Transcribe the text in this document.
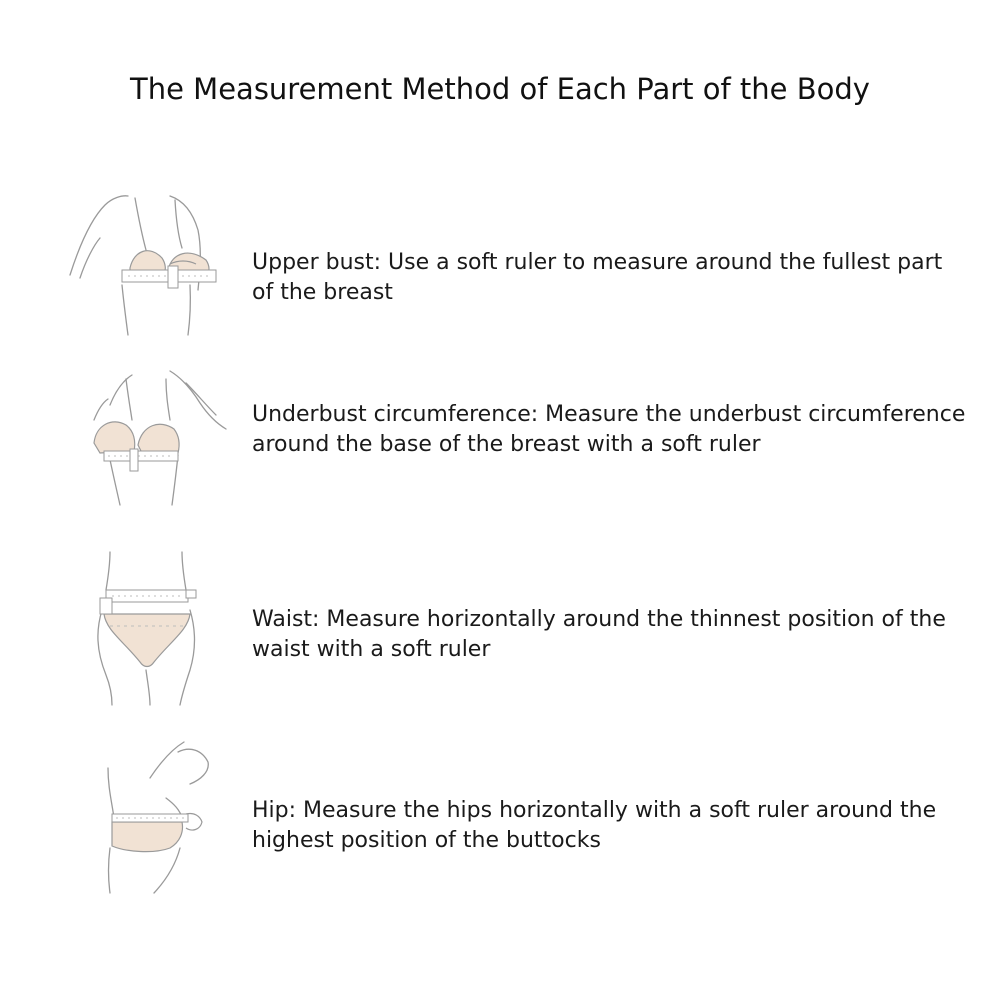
The Measurement Method of Each Part of the Body

Upper bust: Use a soft ruler to measure around the fullest part
of the breast

Underbust circumference: Measure the underbust circumference
around the base of the breast with a soft ruler

Waist: Measure horizontally around the thinnest position of the
waist with a soft ruler

Hip: Measure the hips horizontally with a soft ruler around the
highest position of the buttocks
